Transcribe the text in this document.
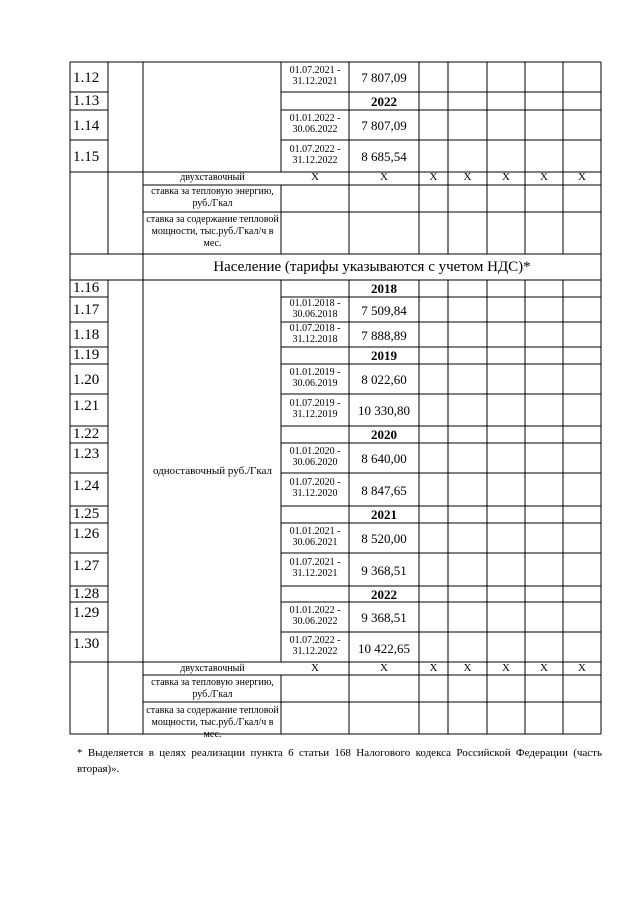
1.12	01.07.2021 - 31.12.2021	7 807,09
1.13	2022
1.14	01.01.2022 - 30.06.2022	7 807,09
1.15	01.07.2022 - 31.12.2022	8 685,54
двухставочный	X	X	X	X	X	X	X
ставка за тепловую энергию, руб./Гкал
ставка за содержание тепловой мощности, тыс.руб./Гкал/ч в мес.
Население (тарифы указываются с учетом НДС)*
одноставочный руб./Гкал
1.16	2018
1.17	01.01.2018 - 30.06.2018	7 509,84
1.18	01.07.2018 - 31.12.2018	7 888,89
1.19	2019
1.20	01.01.2019 - 30.06.2019	8 022,60
1.21	01.07.2019 - 31.12.2019	10 330,80
1.22	2020
1.23	01.01.2020 - 30.06.2020	8 640,00
1.24	01.07.2020 - 31.12.2020	8 847,65
1.25	2021
1.26	01.01.2021 - 30.06.2021	8 520,00
1.27	01.07.2021 - 31.12.2021	9 368,51
1.28	2022
1.29	01.01.2022 - 30.06.2022	9 368,51
1.30	01.07.2022 - 31.12.2022	10 422,65
двухставочный	X	X	X	X	X	X	X
ставка за тепловую энергию, руб./Гкал
ставка за содержание тепловой мощности, тыс.руб./Гкал/ч в мес.
* Выделяется в целях реализации пункта 6 статьи 168 Налогового кодекса Российской Федерации (часть вторая)».
